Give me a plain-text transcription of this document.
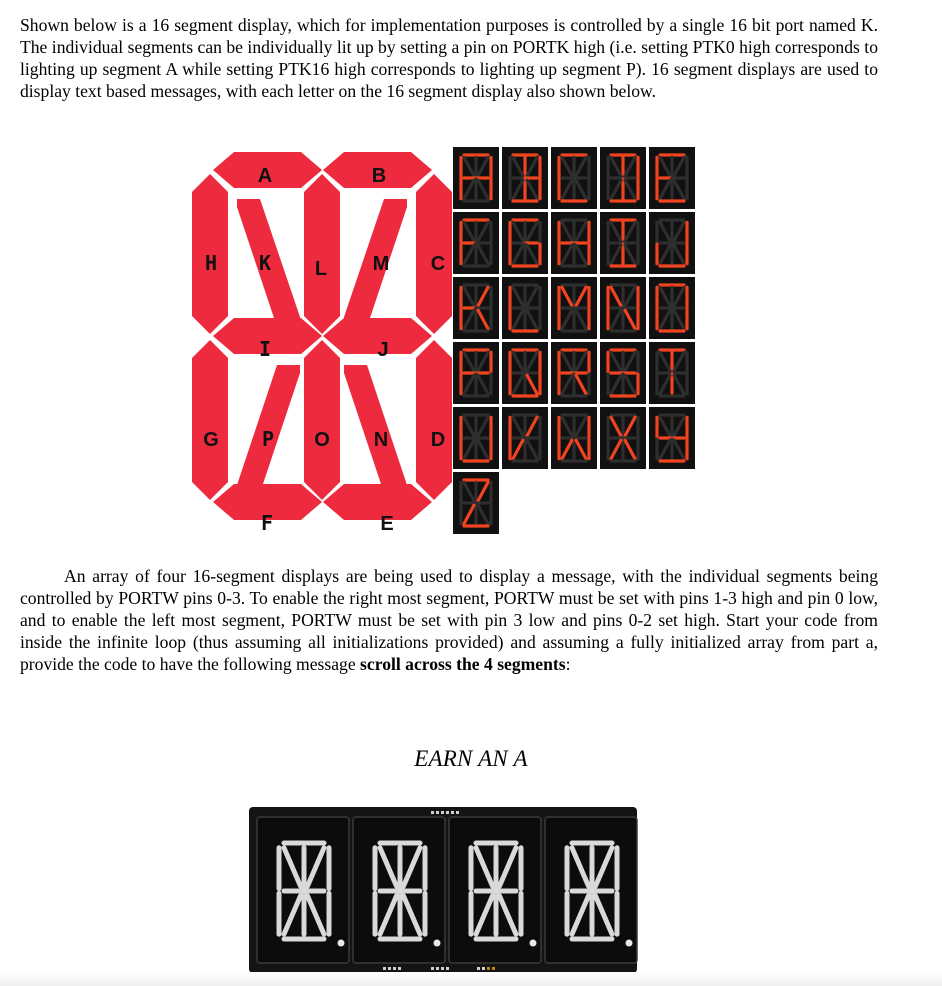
Shown below is a 16 segment display, which for implementation purposes is controlled by a single 16 bit port named K. The individual segments can be individually lit up by setting a pin on PORTK high (i.e. setting PTK0 high corresponds to lighting up segment A while setting PTK16 high corresponds to lighting up segment P). 16 segment displays are used to display text based messages, with each letter on the 16 segment display also shown below.

A	B
C
H K L M
I	J
G P O N D
F	E

An array of four 16-segment displays are being used to display a message, with the individual segments being controlled by PORTW pins 0-3. To enable the right most segment, PORTW must be set with pins 1-3 high and pin 0 low, and to enable the left most segment, PORTW must be set with pin 3 low and pins 0-2 set high. Start your code from inside the infinite loop (thus assuming all initializations provided) and assuming a fully initialized array from part a, provide the code to have the following message scroll across the 4 segments:

EARN AN A
